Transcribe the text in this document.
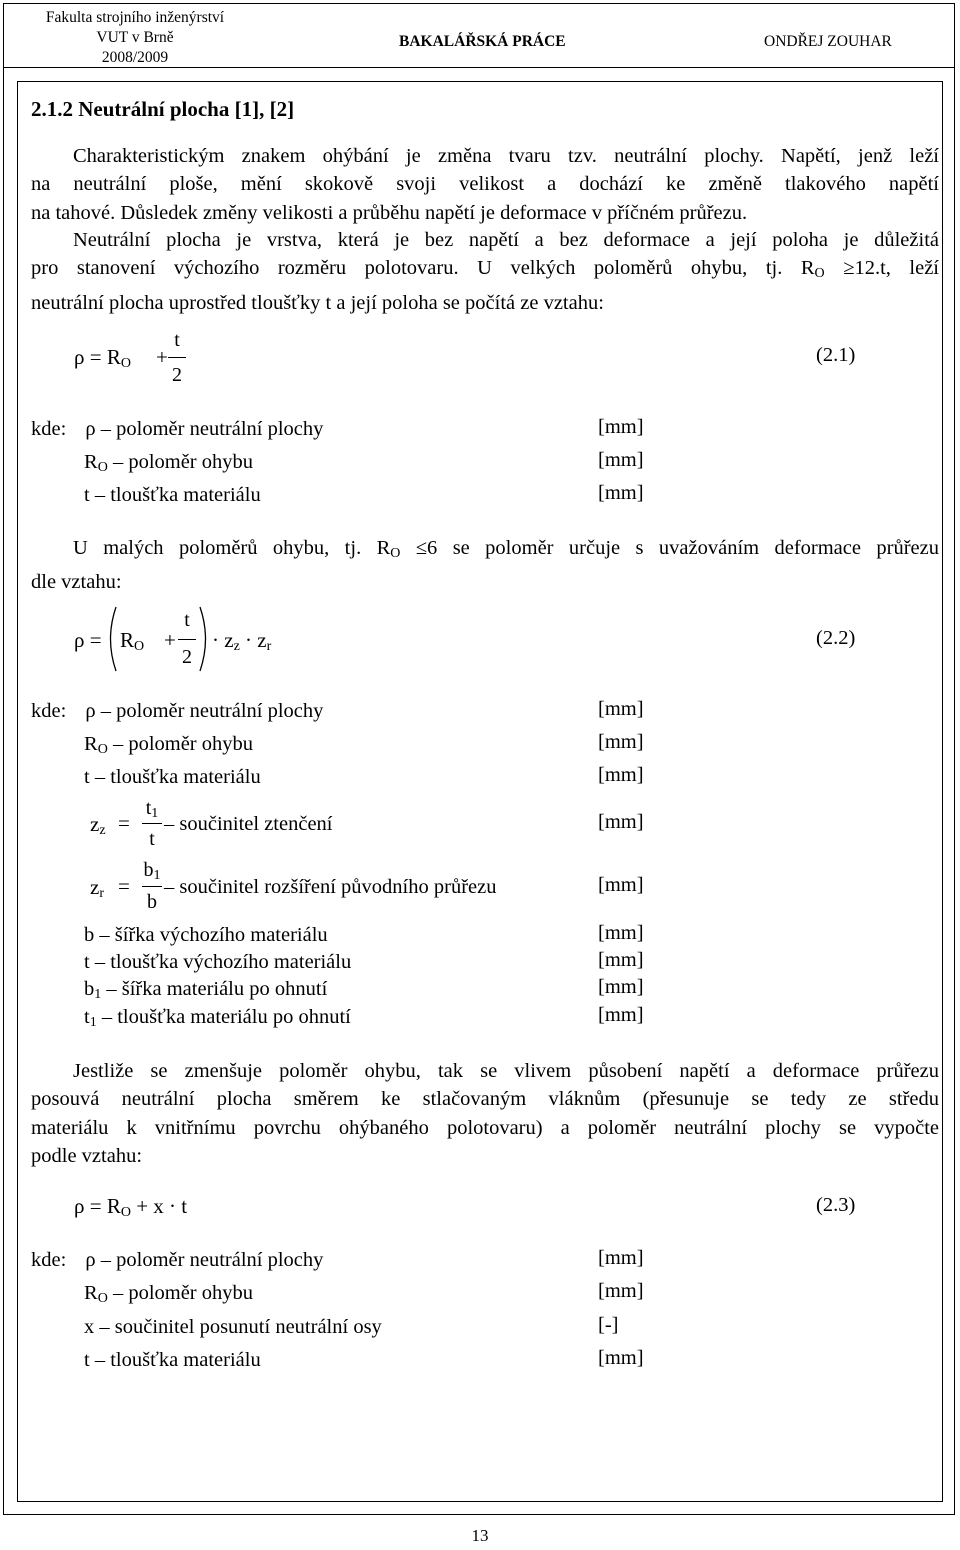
Fakulta strojního inženýrství
VUT v Brně
2008/2009
BAKALÁŘSKÁ PRÁCE	ONDŘEJ ZOUHAR
2.1.2 Neutrální plocha [1], [2]
Charakteristickým znakem ohýbání je změna tvaru tzv. neutrální plochy. Napětí, jenž leží
na neutrální ploše, mění skokově svoji velikost a dochází ke změně tlakového napětí
na tahové. Důsledek změny velikosti a průběhu napětí je deformace v příčném průřezu.
Neutrální plocha je vrstva, která je bez napětí a bez deformace a její poloha je důležitá
pro stanovení výchozího rozměru polotovaru. U velkých poloměrů ohybu, tj. $R_O \ge 12.t$, leží
neutrální plocha uprostřed tloušťky t a její poloha se počítá ze vztahu:
$\rho = R_O$ +
t
2
(2.1)
kde: ρ – poloměr neutrální plochy	[mm]
$R_O$ – poloměr ohybu	[mm]
t – tloušťka materiálu	[mm]
U malých poloměrů ohybu, tj. $R_O \le 6$ se poloměr určuje s uvažováním deformace průřezu
dle vztahu:
$\rho = R_O$ +
t
2
· $z_z \cdot z_r$	(2.2)
kde: ρ – poloměr neutrální plochy	[mm]
$R_O$ – poloměr ohybu	[mm]
t – tloušťka materiálu	[mm]
$z_z$ =
$t_1$
t
– součinitel ztenčení	[mm]
$z_r$ =
$b_1$
b
– součinitel rozšíření původního průřezu	[mm]
b – šířka výchozího materiálu	[mm]
t – tloušťka výchozího materiálu	[mm]
$b_1$ – šířka materiálu po ohnutí	[mm]
$t_1$ – tloušťka materiálu po ohnutí	[mm]
Jestliže se zmenšuje poloměr ohybu, tak se vlivem působení napětí a deformace průřezu
posouvá neutrální plocha směrem ke stlačovaným vláknům (přesunuje se tedy ze středu
materiálu k vnitřnímu povrchu ohýbaného polotovaru) a poloměr neutrální plochy se vypočte
podle vztahu:
$\rho = R_O + x \cdot t$	(2.3)
kde: ρ – poloměr neutrální plochy	[mm]
$R_O$ – poloměr ohybu	[mm]
x – součinitel posunutí neutrální osy	[-]
t – tloušťka materiálu	[mm]
13
